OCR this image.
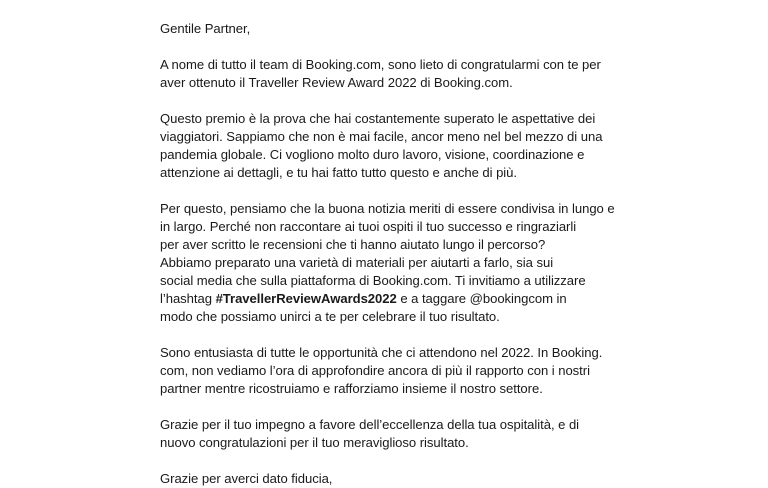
Gentile Partner,
A nome di tutto il team di Booking.com, sono lieto di congratularmi con te per
aver ottenuto il Traveller Review Award 2022 di Booking.com.
Questo premio è la prova che hai costantemente superato le aspettative dei
viaggiatori. Sappiamo che non è mai facile, ancor meno nel bel mezzo di una
pandemia globale. Ci vogliono molto duro lavoro, visione, coordinazione e
attenzione ai dettagli, e tu hai fatto tutto questo e anche di più.
Per questo, pensiamo che la buona notizia meriti di essere condivisa in lungo e
in largo. Perché non raccontare ai tuoi ospiti il tuo successo e ringraziarli
per aver scritto le recensioni che ti hanno aiutato lungo il percorso?
Abbiamo preparato una varietà di materiali per aiutarti a farlo, sia sui
social media che sulla piattaforma di Booking.com. Ti invitiamo a utilizzare
l’hashtag #TravellerReviewAwards2022 e a taggare @bookingcom in
modo che possiamo unirci a te per celebrare il tuo risultato.
Sono entusiasta di tutte le opportunità che ci attendono nel 2022. In Booking.
com, non vediamo l’ora di approfondire ancora di più il rapporto con i nostri
partner mentre ricostruiamo e rafforziamo insieme il nostro settore.
Grazie per il tuo impegno a favore dell’eccellenza della tua ospitalità, e di
nuovo congratulazioni per il tuo meraviglioso risultato.
Grazie per averci dato fiducia,
